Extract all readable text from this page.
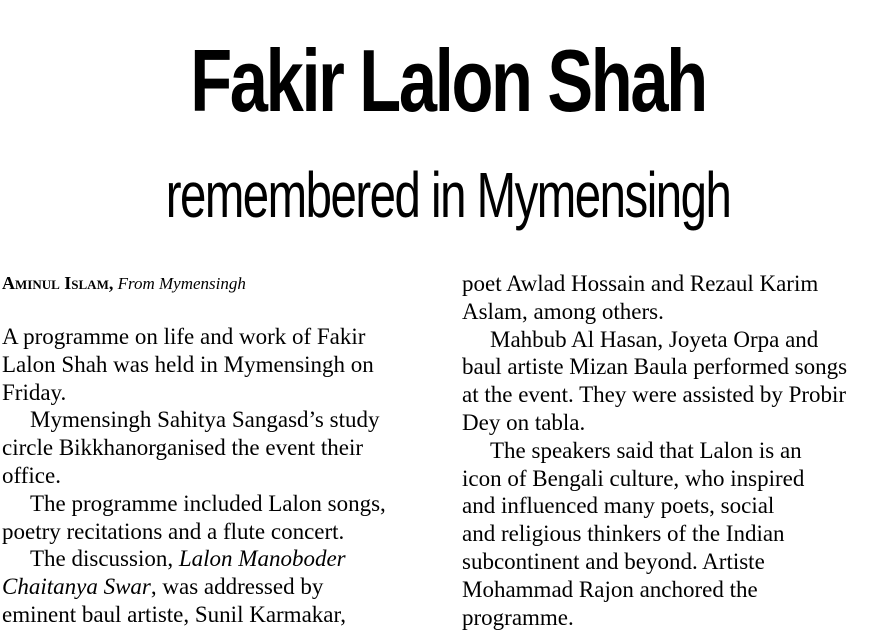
Fakir Lalon Shah
remembered in Mymensingh
Aminul Islam, From Mymensingh
A programme on life and work of Fakir
Lalon Shah was held in Mymensingh on
Friday.
Mymensingh Sahitya Sangasd’s study
circle Bikkhanorganised the event their
office.
The programme included Lalon songs,
poetry recitations and a flute concert.
The discussion, Lalon Manoboder
Chaitanya Swar, was addressed by
eminent baul artiste, Sunil Karmakar,
poet Awlad Hossain and Rezaul Karim
Aslam, among others.
Mahbub Al Hasan, Joyeta Orpa and
baul artiste Mizan Baula performed songs
at the event. They were assisted by Probir
Dey on tabla.
The speakers said that Lalon is an
icon of Bengali culture, who inspired
and influenced many poets, social
and religious thinkers of the Indian
subcontinent and beyond. Artiste
Mohammad Rajon anchored the
programme.
